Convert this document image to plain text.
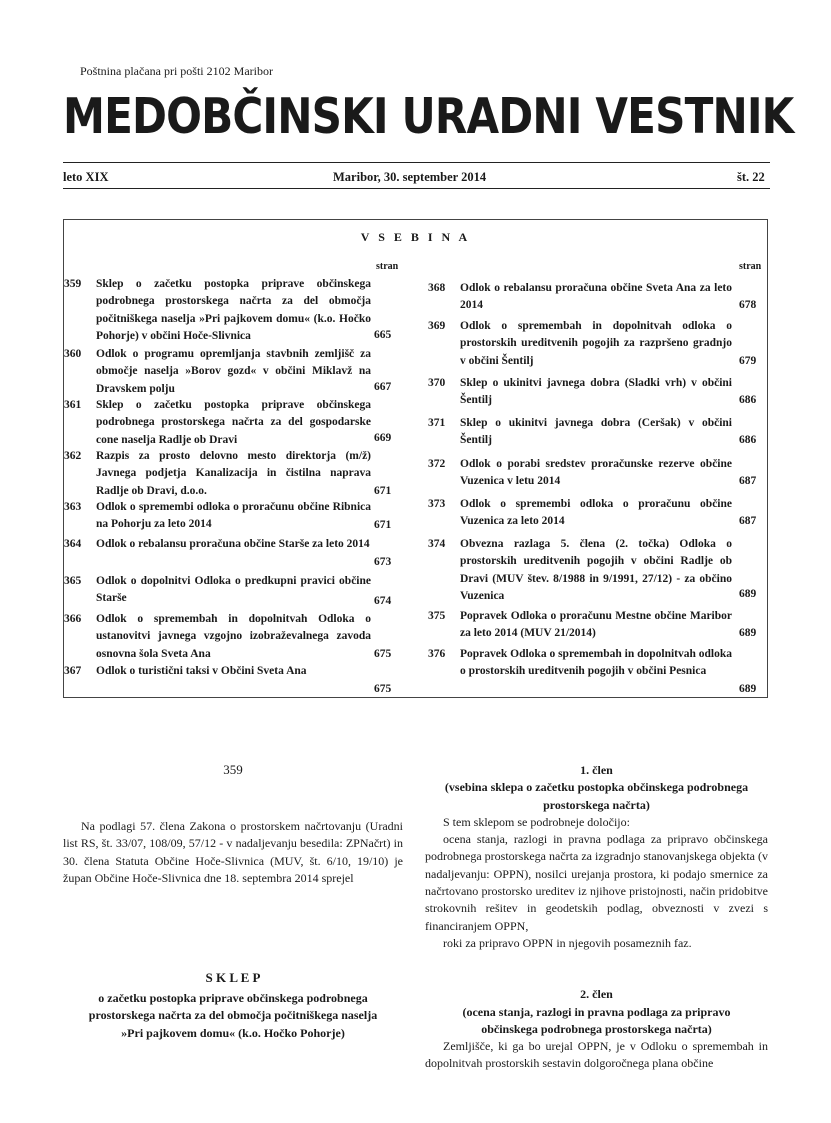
Poštnina plačana pri pošti 2102 Maribor
MEDOBČINSKI URADNI VESTNIK
leto XIX	Maribor, 30. september 2014	št. 22
V S E B I N A
stran	stran
359 Sklep o začetku postopka priprave občinskega podrobnega prostorskega načrta za del območja počitniškega naselja »Pri pajkovem domu« (k.o. Hočko Pohorje) v občini Hoče-Slivnica	665
360 Odlok o programu opremljanja stavbnih zemljišč za območje naselja »Borov gozd« v občini Miklavž na Dravskem polju	667
361 Sklep o začetku postopka priprave občinskega podrobnega prostorskega načrta za del gospodarske cone naselja Radlje ob Dravi	669
362 Razpis za prosto delovno mesto direktorja (m/ž) Javnega podjetja Kanalizacija in čistilna naprava Radlje ob Dravi, d.o.o.	671
363 Odlok o spremembi odloka o proračunu občine Ribnica na Pohorju za leto 2014	671
364 Odlok o rebalansu proračuna občine Starše za leto 2014
673
365 Odlok o dopolnitvi Odloka o predkupni pravici občine Starše	674
366 Odlok o spremembah in dopolnitvah Odloka o ustanovitvi javnega vzgojno izobraževalnega zavoda osnovna šola Sveta Ana	675
367 Odlok o turistični taksi v Občini Sveta Ana
675
368 Odlok o rebalansu proračuna občine Sveta Ana za leto 2014	678
369 Odlok o spremembah in dopolnitvah odloka o prostorskih ureditvenih pogojih za razpršeno gradnjo v občini Šentilj	679
370 Sklep o ukinitvi javnega dobra (Sladki vrh) v občini Šentilj	686
371 Sklep o ukinitvi javnega dobra (Ceršak) v občini Šentilj	686
372 Odlok o porabi sredstev proračunske rezerve občine Vuzenica v letu 2014	687
373 Odlok o spremembi odloka o proračunu občine Vuzenica za leto 2014	687
374 Obvezna razlaga 5. člena (2. točka) Odloka o prostorskih ureditvenih pogojih v občini Radlje ob Dravi (MUV štev. 8/1988 in 9/1991, 27/12) - za občino Vuzenica	689
375 Popravek Odloka o proračunu Mestne občine Maribor za leto 2014 (MUV 21/2014)	689
376 Popravek Odloka o spremembah in dopolnitvah odloka o prostorskih ureditvenih pogojih v občini Pesnica
689
359
Na podlagi 57. člena Zakona o prostorskem načrtovanju (Uradni list RS, št. 33/07, 108/09, 57/12 - v nadaljevanju besedila: ZPNačrt) in 30. člena Statuta Občine Hoče-Slivnica (MUV, št. 6/10, 19/10) je župan Občine Hoče-Slivnica dne 18. septembra 2014 sprejel
S K L E P
o začetku postopka priprave občinskega podrobnega prostorskega načrta za del območja počitniškega naselja »Pri pajkovem domu« (k.o. Hočko Pohorje)
1. člen
(vsebina sklepa o začetku postopka občinskega podrobnega prostorskega načrta)
S tem sklepom se podrobneje določijo:
ocena stanja, razlogi in pravna podlaga za pripravo občinskega podrobnega prostorskega načrta za izgradnjo stanovanjskega objekta (v nadaljevanju: OPPN), nosilci urejanja prostora, ki podajo smernice za načrtovano prostorsko ureditev iz njihove pristojnosti, način pridobitve strokovnih rešitev in geodetskih podlag, obveznosti v zvezi s financiranjem OPPN,
roki za pripravo OPPN in njegovih posameznih faz.
2. člen
(ocena stanja, razlogi in pravna podlaga za pripravo občinskega podrobnega prostorskega načrta)
Zemljišče, ki ga bo urejal OPPN, je v Odloku o spremembah in dopolnitvah prostorskih sestavin dolgoročnega plana občine
